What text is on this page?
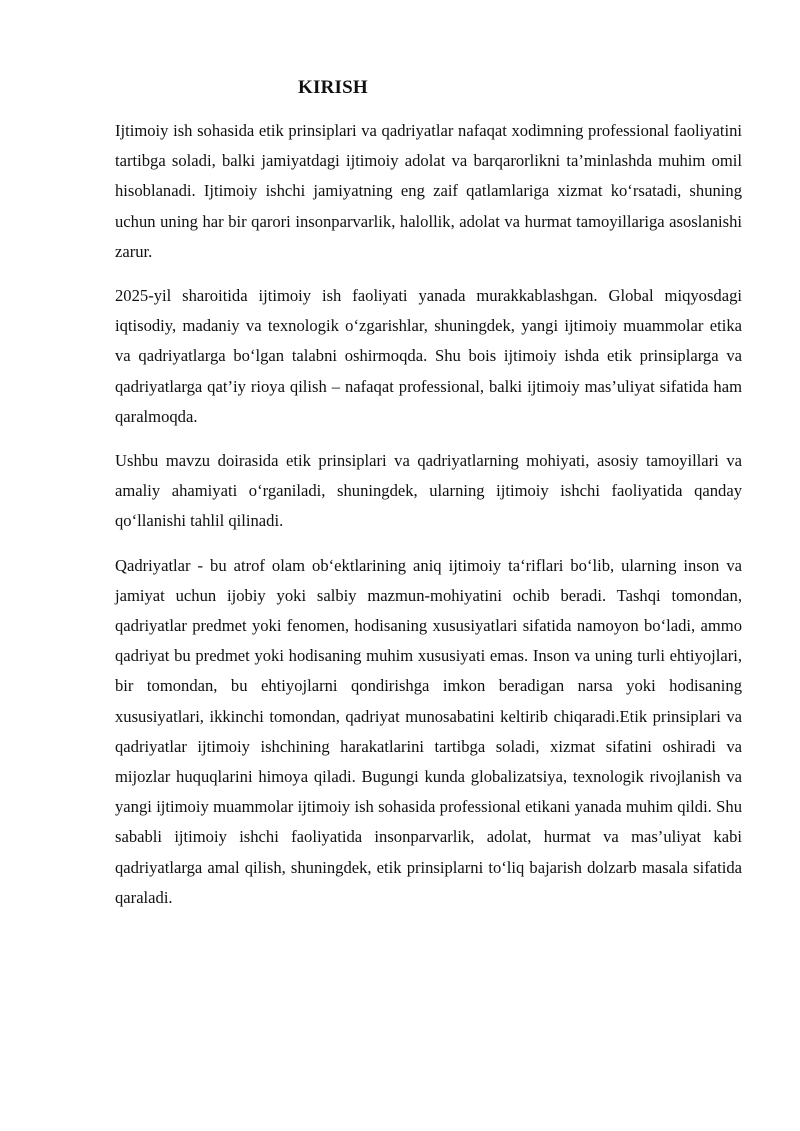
KIRISH

Ijtimoiy ish sohasida etik prinsiplari va qadriyatlar nafaqat xodimning professional faoliyatini tartibga soladi, balki jamiyatdagi ijtimoiy adolat va barqarorlikni ta’minlashda muhim omil hisoblanadi. Ijtimoiy ishchi jamiyatning eng zaif qatlamlariga xizmat ko‘rsatadi, shuning uchun uning har bir qarori insonparvarlik, halollik, adolat va hurmat tamoyillariga asoslanishi zarur.

2025-yil sharoitida ijtimoiy ish faoliyati yanada murakkablashgan. Global miqyosdagi iqtisodiy, madaniy va texnologik o‘zgarishlar, shuningdek, yangi ijtimoiy muammolar etika va qadriyatlarga bo‘lgan talabni oshirmoqda. Shu bois ijtimoiy ishda etik prinsiplarga va qadriyatlarga qat’iy rioya qilish – nafaqat professional, balki ijtimoiy mas’uliyat sifatida ham qaralmoqda.

Ushbu mavzu doirasida etik prinsiplari va qadriyatlarning mohiyati, asosiy tamoyillari va amaliy ahamiyati o‘rganiladi, shuningdek, ularning ijtimoiy ishchi faoliyatida qanday qo‘llanishi tahlil qilinadi.

Qadriyatlar - bu atrof olam ob‘ektlarining aniq ijtimoiy ta‘riflari bo‘lib, ularning inson va jamiyat uchun ijobiy yoki salbiy mazmun-mohiyatini ochib beradi. Tashqi tomondan, qadriyatlar predmet yoki fenomen, hodisaning xususiyatlari sifatida namoyon bo‘ladi, ammo qadriyat bu predmet yoki hodisaning muhim xususiyati emas. Inson va uning turli ehtiyojlari, bir tomondan, bu ehtiyojlarni qondirishga imkon beradigan narsa yoki hodisaning xususiyatlari, ikkinchi tomondan, qadriyat munosabatini keltirib chiqaradi.Etik prinsiplari va qadriyatlar ijtimoiy ishchining harakatlarini tartibga soladi, xizmat sifatini oshiradi va mijozlar huquqlarini himoya qiladi. Bugungi kunda globalizatsiya, texnologik rivojlanish va yangi ijtimoiy muammolar ijtimoiy ish sohasida professional etikani yanada muhim qildi. Shu sababli ijtimoiy ishchi faoliyatida insonparvarlik, adolat, hurmat va mas’uliyat kabi qadriyatlarga amal qilish, shuningdek, etik prinsiplarni to‘liq bajarish dolzarb masala sifatida qaraladi.
